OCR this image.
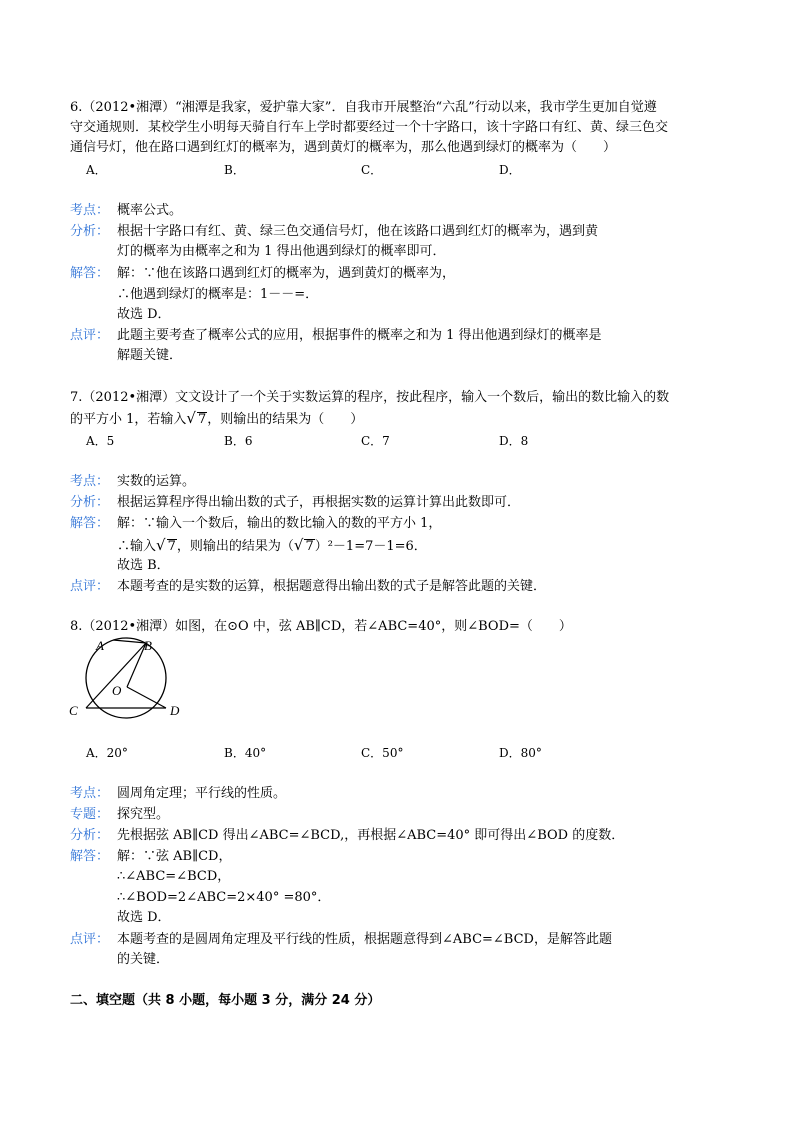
6.（2012•湘潭）“湘潭是我家，爱护靠大家”．自我市开展整治“六乱”行动以来，我市学生更加自觉遵
守交通规则．某校学生小明每天骑自行车上学时都要经过一个十字路口，该十字路口有红、黄、绿三色交
通信号灯，他在路口遇到红灯的概率为，遇到黄灯的概率为，那么他遇到绿灯的概率为（　　）
A．	B．	C．	D．
考点： 概率公式。
分析： 根据十字路口有红、黄、绿三色交通信号灯，他在该路口遇到红灯的概率为，遇到黄
灯的概率为由概率之和为 1 得出他遇到绿灯的概率即可．
解答： 解：∵他在该路口遇到红灯的概率为，遇到黄灯的概率为，
∴他遇到绿灯的概率是：1－－=．
故选 D．
点评： 此题主要考查了概率公式的应用，根据事件的概率之和为 1 得出他遇到绿灯的概率是
解题关键．
7.（2012•湘潭）文文设计了一个关于实数运算的程序，按此程序，输入一个数后，输出的数比输入的数
的平方小 1，若输入√ 7，则输出的结果为（　　）
A．5	B．6	C．7	D．8
考点： 实数的运算。
分析： 根据运算程序得出输出数的式子，再根据实数的运算计算出此数即可．
解答： 解：∵输入一个数后，输出的数比输入的数的平方小 1，
∴输入√ 7，则输出的结果为（√ 7）²－1=7－1=6．
故选 B．
点评： 本题考查的是实数的运算，根据题意得出输出数的式子是解答此题的关键．
8.（2012•湘潭）如图，在⊙O 中，弦 AB∥CD，若∠ABC=40°，则∠BOD=（　　）
A	B
C	D
O
A．20°	B．40°	C．50°	D．80°
考点： 圆周角定理；平行线的性质。
专题： 探究型。
分析： 先根据弦 AB∥CD 得出∠ABC=∠BCD,，再根据∠ABC=40° 即可得出∠BOD 的度数．
解答： 解：∵弦 AB∥CD，
∴∠ABC=∠BCD，
∴∠BOD=2∠ABC=2×40° =80°．
故选 D．
点评： 本题考查的是圆周角定理及平行线的性质，根据题意得到∠ABC=∠BCD，是解答此题
的关键．
二、填空题（共 8 小题，每小题 3 分，满分 24 分）
